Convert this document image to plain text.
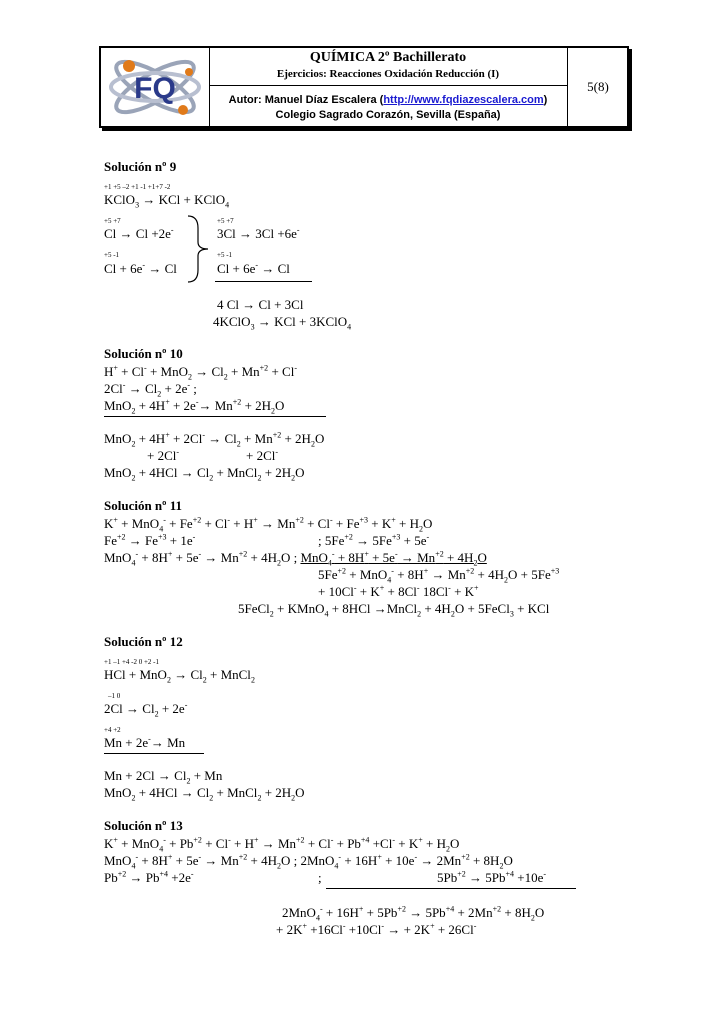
FQ
QUÍMICA 2º Bachillerato
Ejercicios: Reacciones Oxidación Reducción (I)
Autor: Manuel Díaz Escalera (http://www.fqdiazescalera.com)
Colegio Sagrado Corazón, Sevilla (España)
5(8)
Solución nº 9
+1 +5 –2 +1 -1 +1+7 -2
KClO$_3$ → KCl + KClO$_4$
+5 +7
Cl → Cl +2e-
+5 +7
3Cl → 3Cl +6e-
+5 -1
Cl + 6e- → Cl
+5 -1
Cl + 6e- → Cl
4 Cl → Cl + 3Cl
4KClO$_3$ → KCl + 3KClO$_4$
Solución nº 10
$H^+ + Cl^- + MnO_2 \to Cl_2 + Mn^{+2} + Cl^-$
$2Cl^- \to Cl_2 + 2e^-$ ;
$MnO_2 + 4H^+ + 2e^-\to Mn^{+2} + 2H_2O$
$MnO_2 + 4H^+ + 2Cl^- \to Cl_2 + Mn^{+2} + 2H_2O$
+ 2Cl-	+ 2Cl-
$MnO_2 + 4HCl \to Cl_2$ + MnCl$_2$ + $2H_2O$
Solución nº 11
$K^+ + MnO_4^- + Fe^{+2} + Cl^- + H^+ \to Mn^{+2} + Cl^- + Fe^{+3} + K^+ + H_2O$
$Fe^{+2} \to Fe^{+3} + 1e^-$	; $5Fe^{+2} \to 5Fe^{+3} + 5e^-$
$MnO_4^- + 8H^+ + 5e^- \to Mn^{+2} + 4H_2O$ ; $MnO_4^- + 8H^+ + 5e^- \to Mn^{+2} + 4H_2O$
$5Fe^{+2} + MnO_4^- + 8H^+ \to Mn^{+2} + 4H_2O + 5Fe^{+3}$
+ 10Cl- + K+ + 8Cl- 18Cl- + K+
5FeCl$_2$ + KMnO$_4$ + 8HCl →MnCl$_2$ + $4H_2O$ + 5FeCl$_3$ + KCl
Solución nº 12
+1 –1 +4 -2 0 +2 -1
HCl + $MnO_2 \to Cl_2$ + MnCl$_2$
–1 0
$2Cl \to Cl_2 + 2e^-$
+4 +2
Mn + 2e-→ Mn
$Mn + 2Cl \to Cl_2 + Mn$
$MnO_2 + 4HCl \to Cl_2$ + MnCl$_2$ + $2H_2O$
Solución nº 13
$K^+ + MnO_4^- + Pb^{+2} + Cl^- + H^+ \to Mn^{+2} + Cl^- + Pb^{+4} +Cl^- + K^+ + H_2O$
$MnO_4^- + 8H^+ + 5e^- \to Mn^{+2} + 4H_2O$ ; $2MnO_4^- + 16H^+ + 10e^- \to 2Mn^{+2} + 8H_2O$
$Pb^{+2} \to Pb^{+4} +2e^-$	;	$5Pb^{+2} \to 5Pb^{+4} +10e^-$
$2MnO_4^- + 16H^+ + 5Pb^{+2} \to 5Pb^{+4} + 2Mn^{+2} + 8H_2O$
+ 2K+ +16Cl- +10Cl- → + 2K+ + 26Cl-
